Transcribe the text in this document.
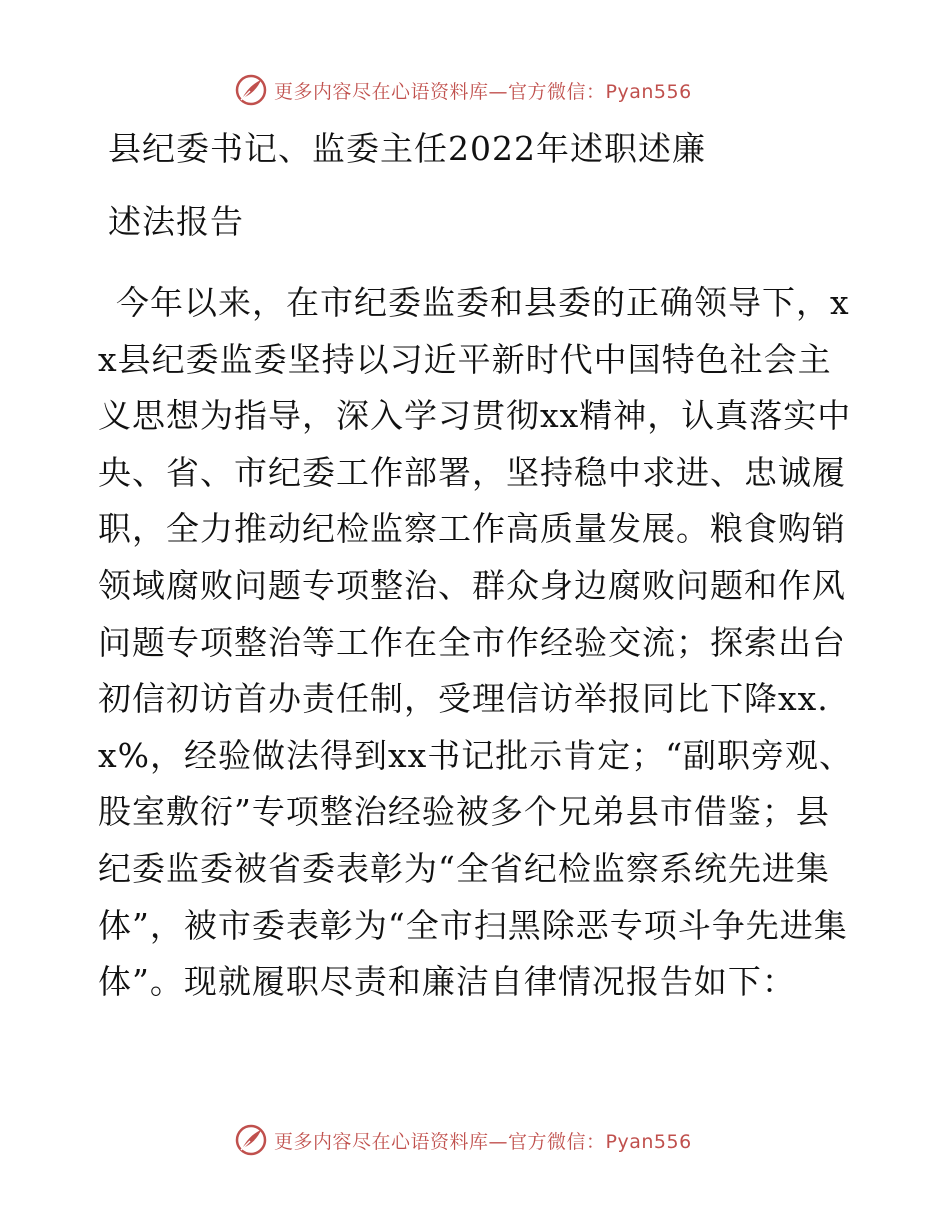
更多内容尽在心语资料库—官方微信：Pyan556
县纪委书记、监委主任2022年述职述廉
述法报告

今年以来，在市纪委监委和县委的正确领导下，xx县纪委监委坚持以习近平新时代中国特色社会主义思想为指导，深入学习贯彻xx精神，认真落实中央、省、市纪委工作部署，坚持稳中求进、忠诚履职，全力推动纪检监察工作高质量发展。粮食购销领域腐败问题专项整治、群众身边腐败问题和作风问题专项整治等工作在全市作经验交流；探索出台初信初访首办责任制，受理信访举报同比下降xx.x%，经验做法得到xx书记批示肯定；“副职旁观、股室敷衍”专项整治经验被多个兄弟县市借鉴；县纪委监委被省委表彰为“全省纪检监察系统先进集体”，被市委表彰为“全市扫黑除恶专项斗争先进集体”。现就履职尽责和廉洁自律情况报告如下：

更多内容尽在心语资料库—官方微信：Pyan556
